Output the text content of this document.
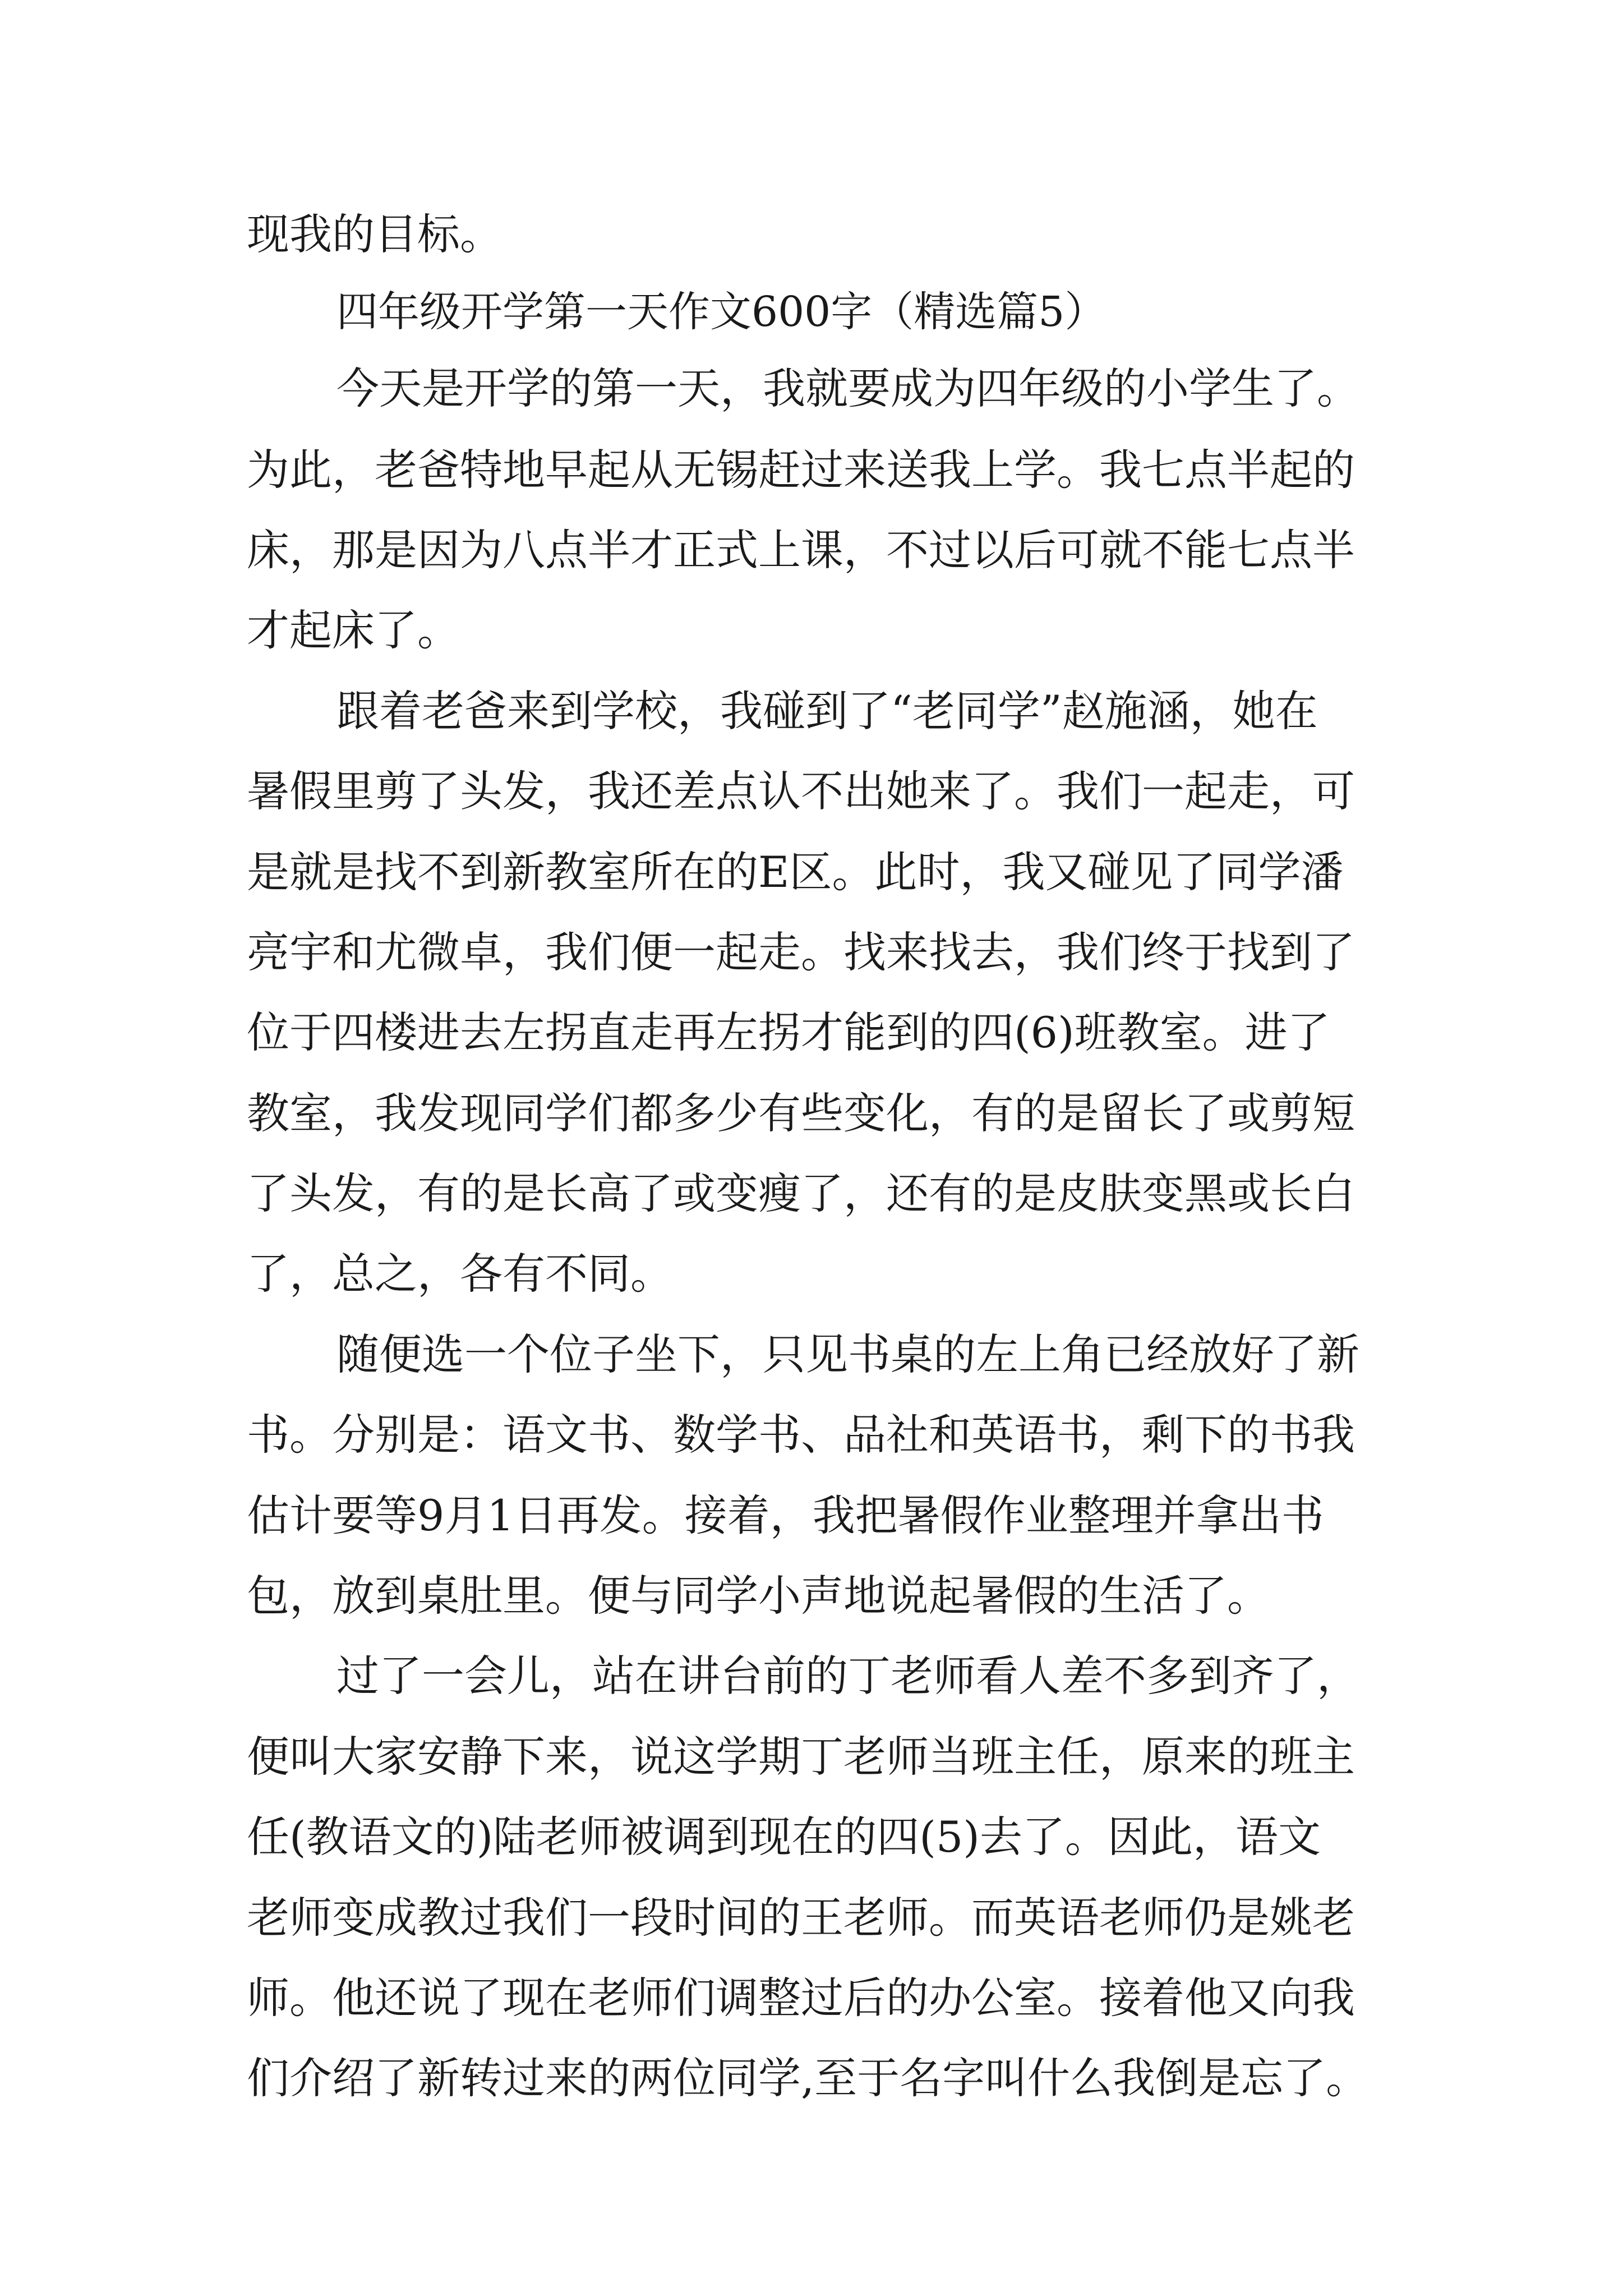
现我的目标。

四年级开学第一天作文600字（精选篇5）

今天是开学的第一天，我就要成为四年级的小学生了。

为此，老爸特地早起从无锡赶过来送我上学。我七点半起的

床，那是因为八点半才正式上课，不过以后可就不能七点半

才起床了。

跟着老爸来到学校，我碰到了“老同学”赵施涵，她在

暑假里剪了头发，我还差点认不出她来了。我们一起走，可

是就是找不到新教室所在的E区。此时，我又碰见了同学潘

亮宇和尤微卓，我们便一起走。找来找去，我们终于找到了

位于四楼进去左拐直走再左拐才能到的四(6)班教室。进了

教室，我发现同学们都多少有些变化，有的是留长了或剪短

了头发，有的是长高了或变瘦了，还有的是皮肤变黑或长白

了，总之，各有不同。

随便选一个位子坐下，只见书桌的左上角已经放好了新

书。分别是：语文书、数学书、品社和英语书，剩下的书我

估计要等9月1日再发。接着，我把暑假作业整理并拿出书

包，放到桌肚里。便与同学小声地说起暑假的生活了。

过了一会儿，站在讲台前的丁老师看人差不多到齐了，

便叫大家安静下来，说这学期丁老师当班主任，原来的班主

任(教语文的)陆老师被调到现在的四(5)去了。因此，语文

老师变成教过我们一段时间的王老师。而英语老师仍是姚老

师。他还说了现在老师们调整过后的办公室。接着他又向我

们介绍了新转过来的两位同学,至于名字叫什么我倒是忘了。
